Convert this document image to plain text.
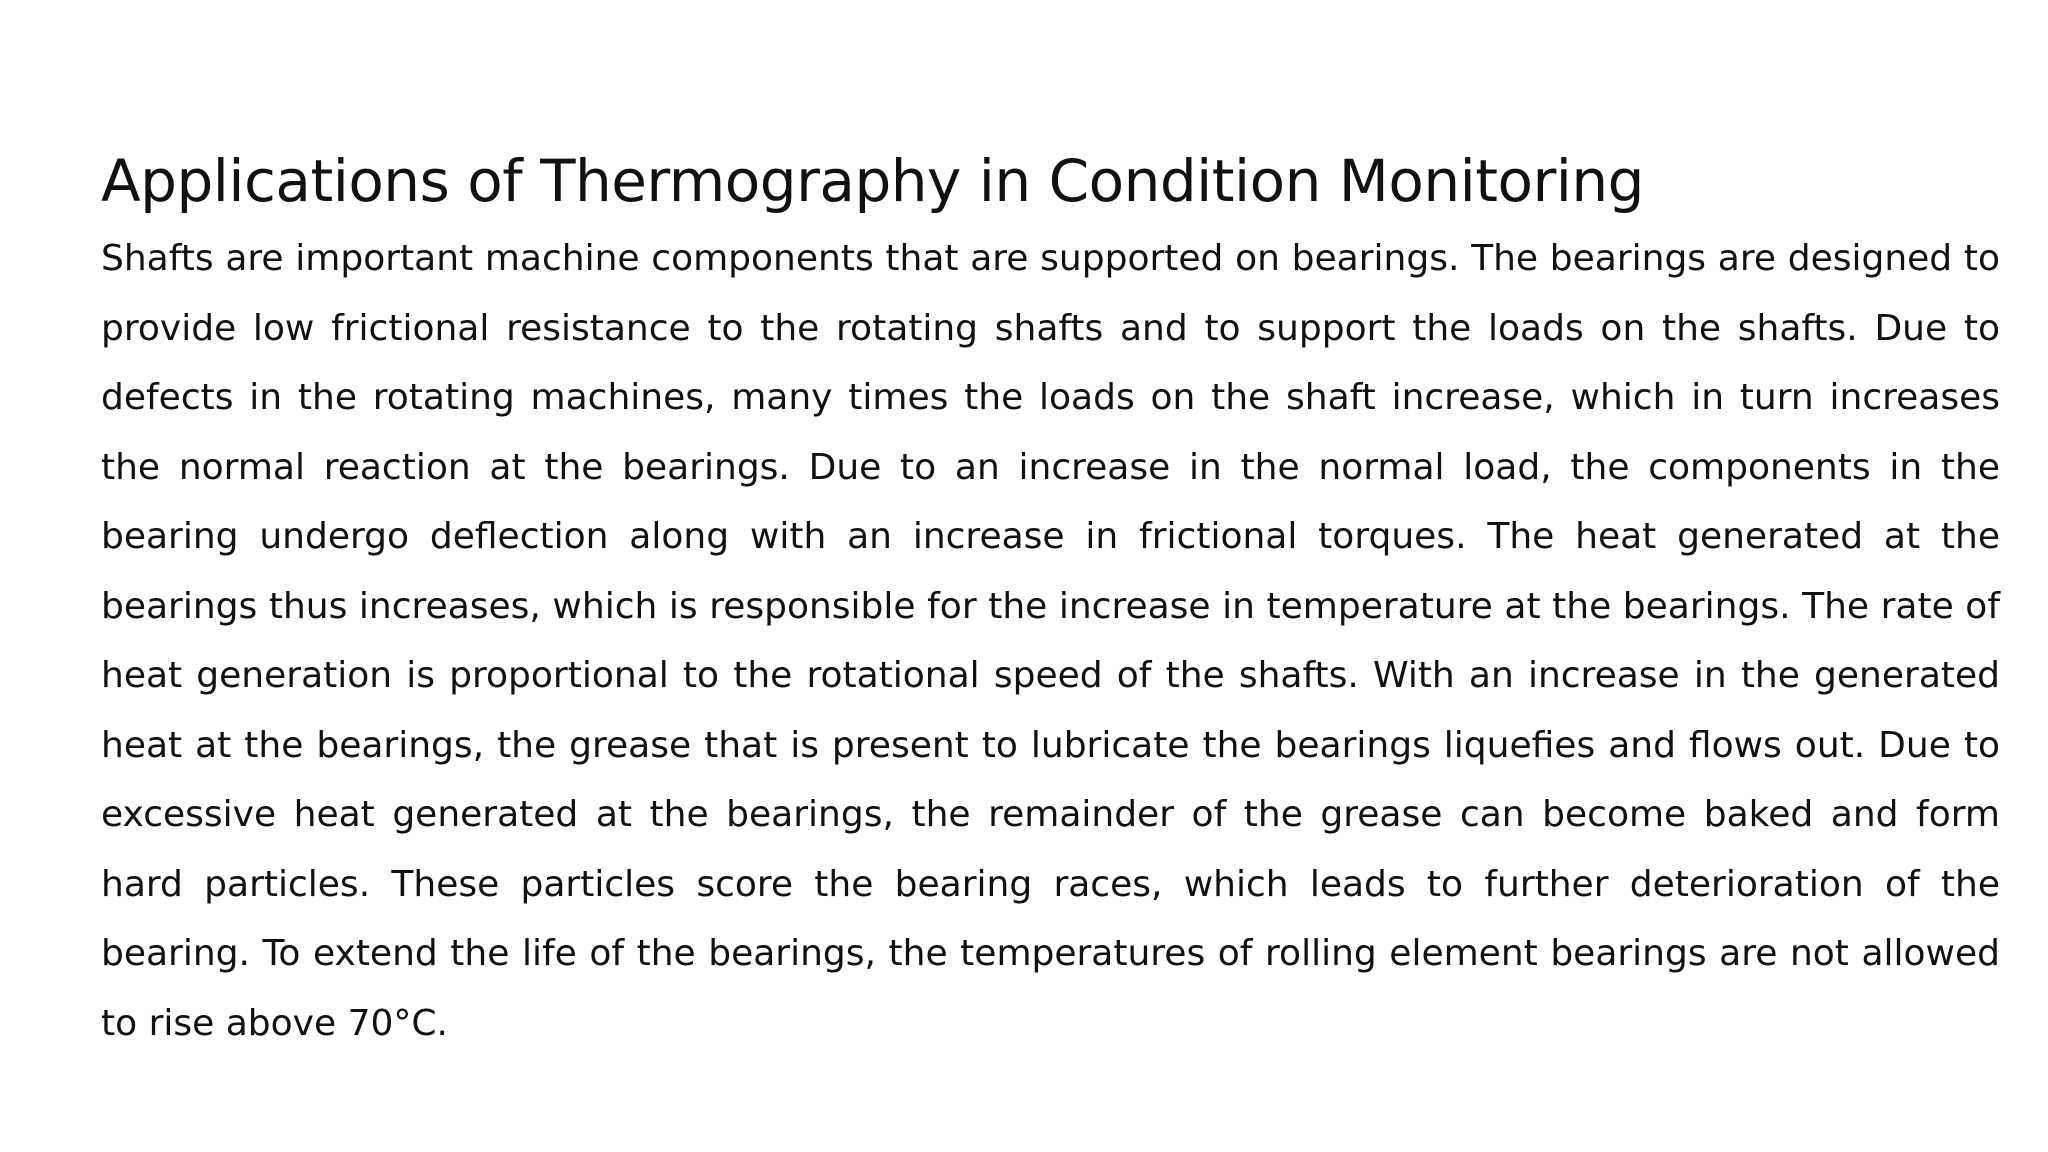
Applications of Thermography in Condition Monitoring

Shafts are important machine components that are supported on bearings. The bearings are designed to provide low frictional resistance to the rotating shafts and to support the loads on the shafts. Due to defects in the rotating machines, many times the loads on the shaft increase, which in turn increases the normal reaction at the bearings. Due to an increase in the normal load, the components in the bearing undergo deflection along with an increase in frictional torques. The heat generated at the bearings thus increases, which is responsible for the increase in temperature at the bearings. The rate of heat generation is proportional to the rotational speed of the shafts. With an increase in the generated heat at the bearings, the grease that is present to lubricate the bearings liquefies and flows out. Due to excessive heat generated at the bearings, the remainder of the grease can become baked and form hard particles. These particles score the bearing races, which leads to further deterioration of the bearing. To extend the life of the bearings, the temperatures of rolling element bearings are not allowed to rise above 70°C.
